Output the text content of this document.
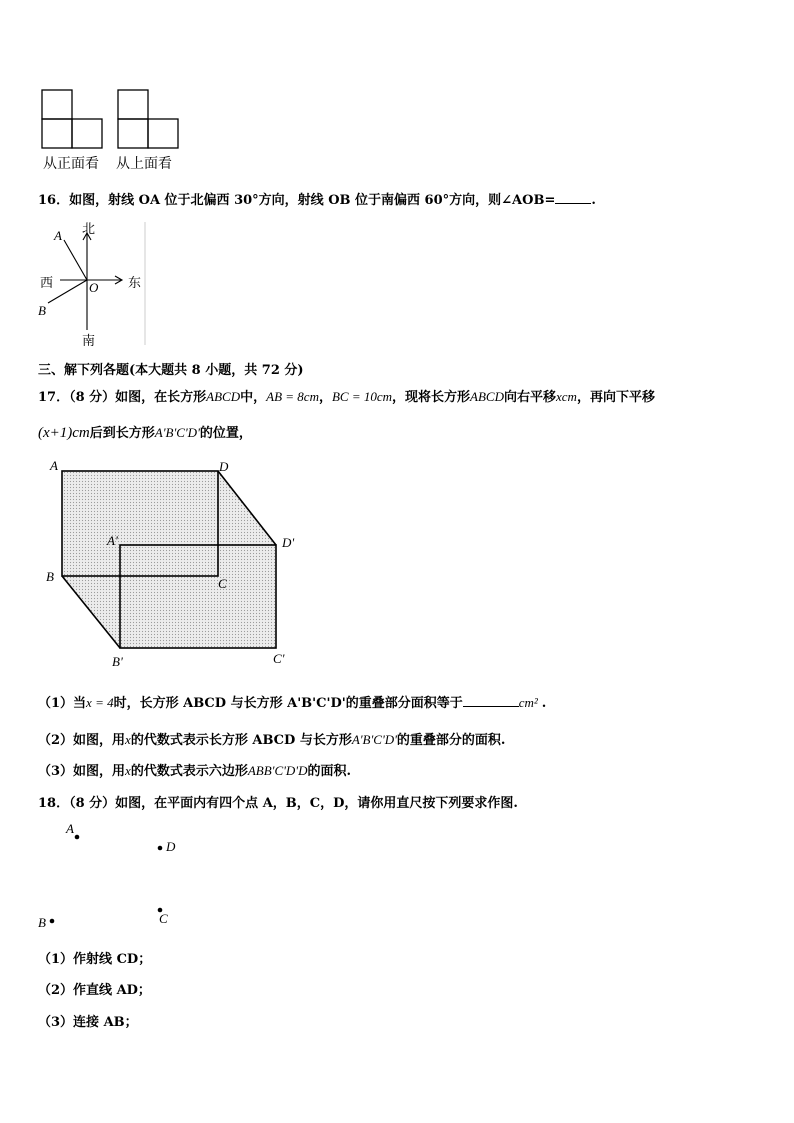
从正面看 从上面看
16．如图，射线 OA 位于北偏西 30°方向，射线 OB 位于南偏西 60°方向，则∠AOB=	.
北
南
西	东
O
A
B
三、解下列各题(本大题共 8 小题，共 72 分)
17．（8 分）如图，在长方形ABCD中，AB = 8cm，BC = 10cm，现将长方形ABCD向右平移xcm，再向下平移
(x+1)cm后到长方形A'B'C'D'的位置，
A	D
A'	D'
B	C
B'	C'
（1）当x = 4时，长方形 ABCD 与长方形 A'B'C'D'的重叠部分面积等于	cm² .
（2）如图，用x的代数式表示长方形 ABCD 与长方形A'B'C'D'的重叠部分的面积.
（3）如图，用x的代数式表示六边形ABB'C'D'D的面积.
18．（8 分）如图，在平面内有四个点 A，B，C，D，请你用直尺按下列要求作图.
A
D
B	C
（1）作射线 CD；
（2）作直线 AD；
（3）连接 AB；
